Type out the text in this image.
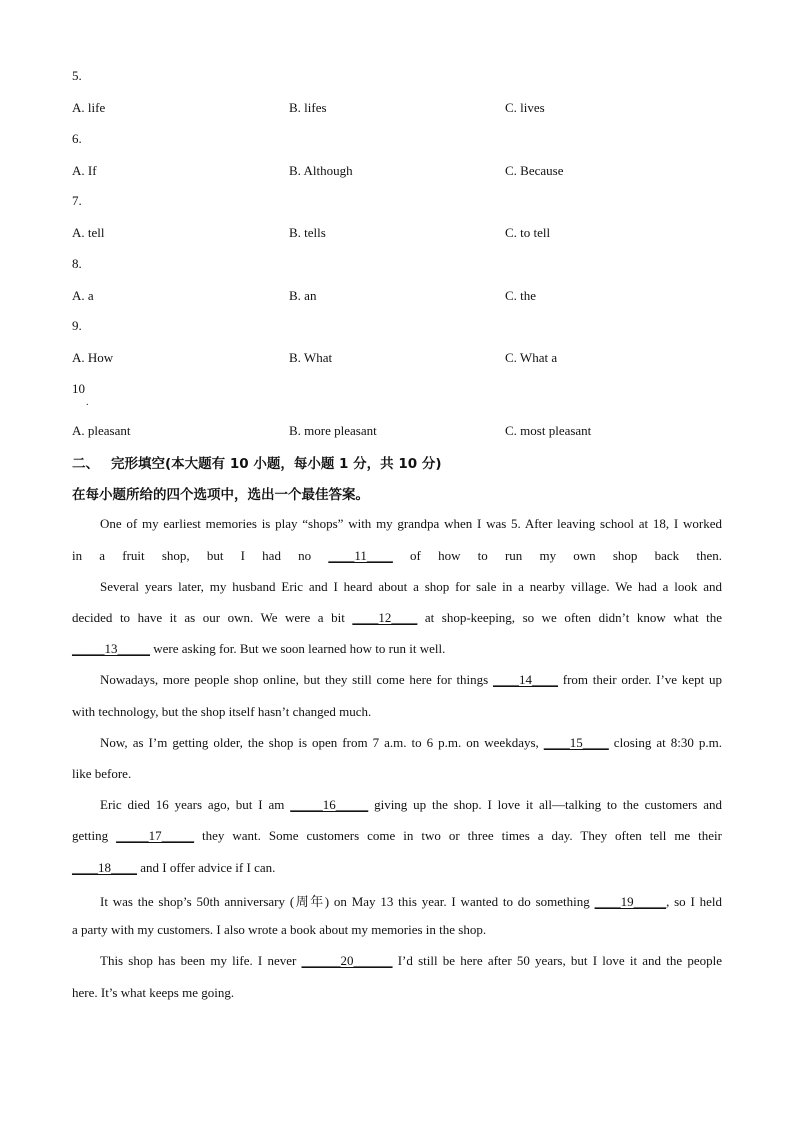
5.
A. life	B. lifes	C. lives
6.
A. If	B. Although	C. Because
7.
A. tell	B. tells	C. to tell
8.
A. a	B. an	C. the
9.
A. How	B. What	C. What a
10
.
A. pleasant	B. more pleasant	C. most pleasant
二、 完形填空(本大题有 10 小题，每小题 1 分，共 10 分)
在每小题所给的四个选项中，选出一个最佳答案。
One of my earliest memories is play “shops” with my grandpa when I was 5. After leaving school at 18, I worked
in a fruit shop, but I had no ____11____ of how to run my own shop back then.
Several years later, my husband Eric and I heard about a shop for sale in a nearby village. We had a look and
decided to have it as our own. We were a bit ____12____ at shop-keeping, so we often didn’t know what the
_____13_____ were asking for. But we soon learned how to run it well.
Nowadays, more people shop online, but they still come here for things ____14____ from their order. I’ve kept up
with technology, but the shop itself hasn’t changed much.
Now, as I’m getting older, the shop is open from 7 a.m. to 6 p.m. on weekdays, ____15____ closing at 8:30 p.m.
like before.
Eric died 16 years ago, but I am _____16_____ giving up the shop. I love it all—talking to the customers and
getting _____17_____ they want. Some customers come in two or three times a day. They often tell me their
____18____ and I offer advice if I can.
It was the shop’s 50th anniversary (周年) on May 13 this year. I wanted to do something ____19_____, so I held
a party with my customers. I also wrote a book about my memories in the shop.
This shop has been my life. I never ______20______ I’d still be here after 50 years, but I love it and the people
here. It’s what keeps me going.
